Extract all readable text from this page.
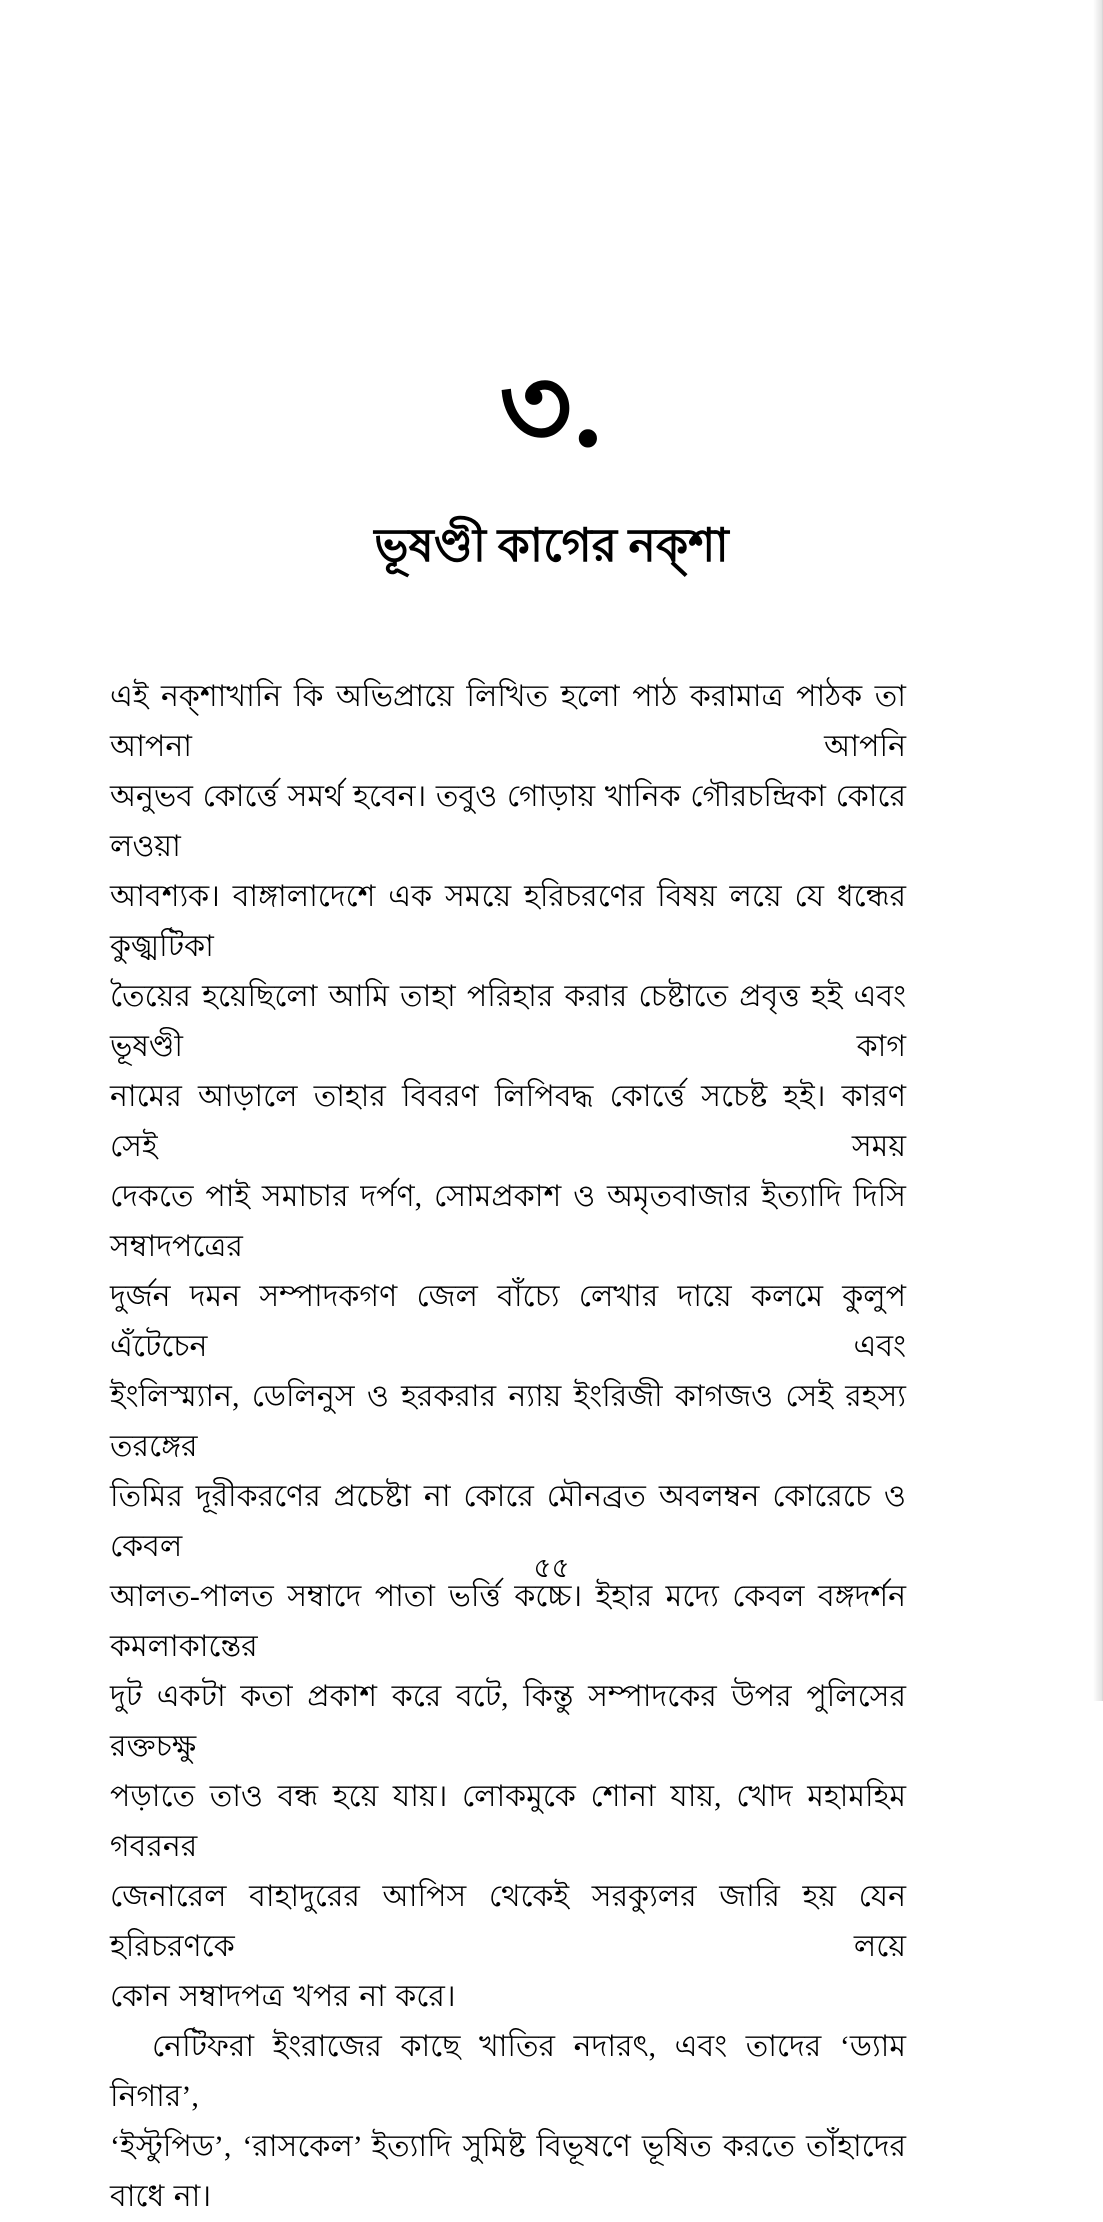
৩.
ভূষণ্ডী কাগের নক্শা
এই নক্শাখানি কি অভিপ্রায়ে লিখিত হলো পাঠ করামাত্র পাঠক তা আপনা আপনি
অনুভব কোর্ত্তে সমর্থ হবেন। তবুও গোড়ায় খানিক গৌরচন্দ্রিকা কোরে লওয়া
আবশ্যক। বাঙ্গালাদেশে এক সময়ে হরিচরণের বিষয় লয়ে যে ধন্ধের কুজ্ঝটিকা
তৈয়ের হয়েছিলো আমি তাহা পরিহার করার চেষ্টাতে প্রবৃত্ত হই এবং ভূষণ্ডী কাগ
নামের আড়ালে তাহার বিবরণ লিপিবদ্ধ কোর্ত্তে সচেষ্ট হই। কারণ সেই সময়
দেকতে পাই সমাচার দর্পণ, সোমপ্রকাশ ও অমৃতবাজার ইত্যাদি দিসি সম্বাদপত্রের
দুর্জন দমন সম্পাদকগণ জেল বাঁচ্যে লেখার দায়ে কলমে কুলুপ এঁটেচেন এবং
ইংলিস্ম্যান, ডেলিনুস ও হরকরার ন্যায় ইংরিজী কাগজও সেই রহস্য তরঙ্গের
তিমির দূরীকরণের প্রচেষ্টা না কোরে মৌনব্রত অবলম্বন কোরেচে ও কেবল
আলত-পালত সম্বাদে পাতা ভর্ত্তি কচ্চে। ইহার মদ্যে কেবল বঙ্গদর্শন কমলাকান্তের
দুট একটা কতা প্রকাশ করে বটে, কিন্তু সম্পাদকের উপর পুলিসের রক্তচক্ষু
পড়াতে তাও বন্ধ হয়ে যায়। লোকমুকে শোনা যায়, খোদ মহামহিম গবরনর
জেনারেল বাহাদুরের আপিস থেকেই সরক্যুলর জারি হয় যেন হরিচরণকে লয়ে
কোন সম্বাদপত্র খপর না করে।
নেটিফরা ইংরাজের কাছে খাতির নদারৎ, এবং তাদের ‘ড্যাম নিগার’,
‘ইস্টুপিড’, ‘রাসকেল’ ইত্যাদি সুমিষ্ট বিভূষণে ভূষিত করতে তাঁহাদের বাধে না।
৫৫
